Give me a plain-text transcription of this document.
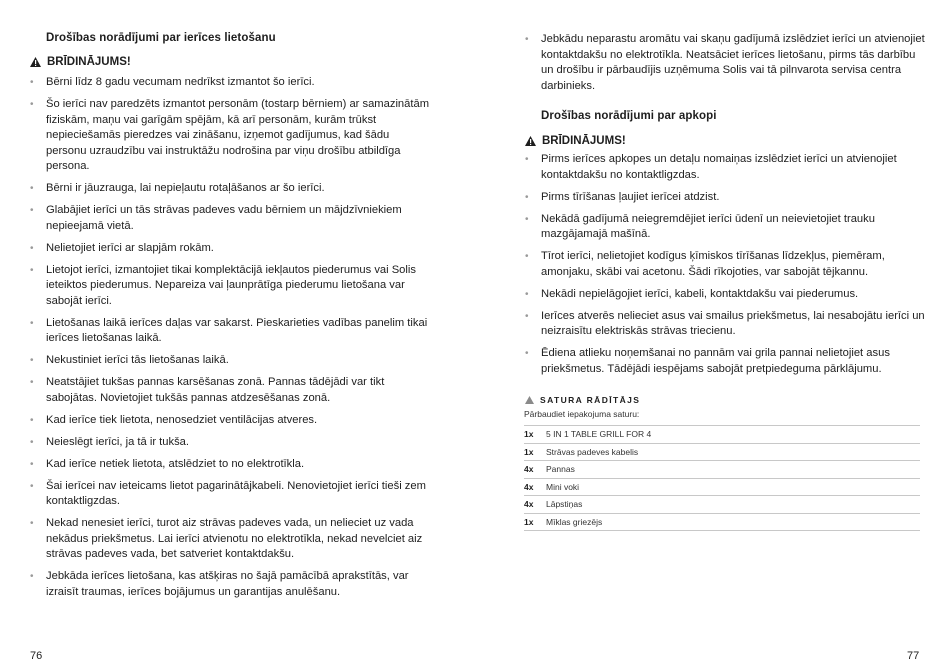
Drošības norādījumi par ierīces lietošanu
BRĪDINĀJUMS!
• Bērni līdz 8 gadu vecumam nedrīkst izmantot šo ierīci.
• Šo ierīci nav paredzēts izmantot personām (tostarp bērniem) ar samazinātām fiziskām, maņu vai garīgām spējām, kā arī personām, kurām trūkst nepieciešamās pieredzes vai zināšanu, izņemot gadījumus, kad šādu personu uzraudzību vai instruktāžu nodrošina par viņu drošību atbildīga persona.
• Bērni ir jāuzrauga, lai nepieļautu rotaļāšanos ar šo ierīci.
• Glabājiet ierīci un tās strāvas padeves vadu bērniem un mājdzīvniekiem nepieejamā vietā.
• Nelietojiet ierīci ar slapjām rokām.
• Lietojot ierīci, izmantojiet tikai komplektācijā iekļautos piederumus vai Solis ieteiktos piederumus. Nepareiza vai ļaunprātīga piederumu lietošana var sabojāt ierīci.
• Lietošanas laikā ierīces daļas var sakarst. Pieskarieties vadības panelim tikai ierīces lietošanas laikā.
• Nekustiniet ierīci tās lietošanas laikā.
• Neatstājiet tukšas pannas karsēšanas zonā. Pannas tādējādi var tikt sabojātas. Novietojiet tukšās pannas atdzesēšanas zonā.
• Kad ierīce tiek lietota, nenosedziet ventilācijas atveres.
• Neieslēgt ierīci, ja tā ir tukša.
• Kad ierīce netiek lietota, atslēdziet to no elektrotīkla.
• Šai ierīcei nav ieteicams lietot pagarinātājkabeli. Nenovietojiet ierīci tieši zem kontaktligzdas.
• Nekad nenesiet ierīci, turot aiz strāvas padeves vada, un nelieciet uz vada nekādus priekšmetus. Lai ierīci atvienotu no elektrotīkla, nekad nevelciet aiz strāvas padeves vada, bet satveriet kontaktdakšu.
• Jebkāda ierīces lietošana, kas atšķiras no šajā pamācībā aprakstītās, var izraisīt traumas, ierīces bojājumus un garantijas anulēšanu.
76
• Jebkādu neparastu aromātu vai skaņu gadījumā izslēdziet ierīci un atvienojiet kontaktdakšu no elektrotīkla. Neatsāciet ierīces lietošanu, pirms tās darbību un drošību ir pārbaudījis uzņēmuma Solis vai tā pilnvarota servisa centra darbinieks.
Drošības norādījumi par apkopi
BRĪDINĀJUMS!
• Pirms ierīces apkopes un detaļu nomaiņas izslēdziet ierīci un atvienojiet kontaktdakšu no kontaktligzdas.
• Pirms tīrīšanas ļaujiet ierīcei atdzist.
• Nekādā gadījumā neiegremdējiet ierīci ūdenī un neievietojiet trauku mazgājamajā mašīnā.
• Tīrot ierīci, nelietojiet kodīgus ķīmiskos tīrīšanas līdzekļus, piemēram, amonjaku, skābi vai acetonu. Šādi rīkojoties, var sabojāt tējkannu.
• Nekādi nepielāgojiet ierīci, kabeli, kontaktdakšu vai piederumus.
• Ierīces atverēs nelieciet asus vai smailus priekšmetus, lai nesabojātu ierīci un neizraisītu elektriskās strāvas triecienu.
• Ēdiena atlieku noņemšanai no pannām vai grila pannai nelietojiet asus priekšmetus. Tādējādi iespējams sabojāt pretpiedeguma pārklājumu.
SATURA RĀDĪTĀJS
Pārbaudiet iepakojuma saturu:
1x	5 IN 1 TABLE GRILL FOR 4
1x	Strāvas padeves kabelis
4x	Pannas
4x	Mini voki
4x	Lāpstiņas
1x	Mīklas griezējs
77
